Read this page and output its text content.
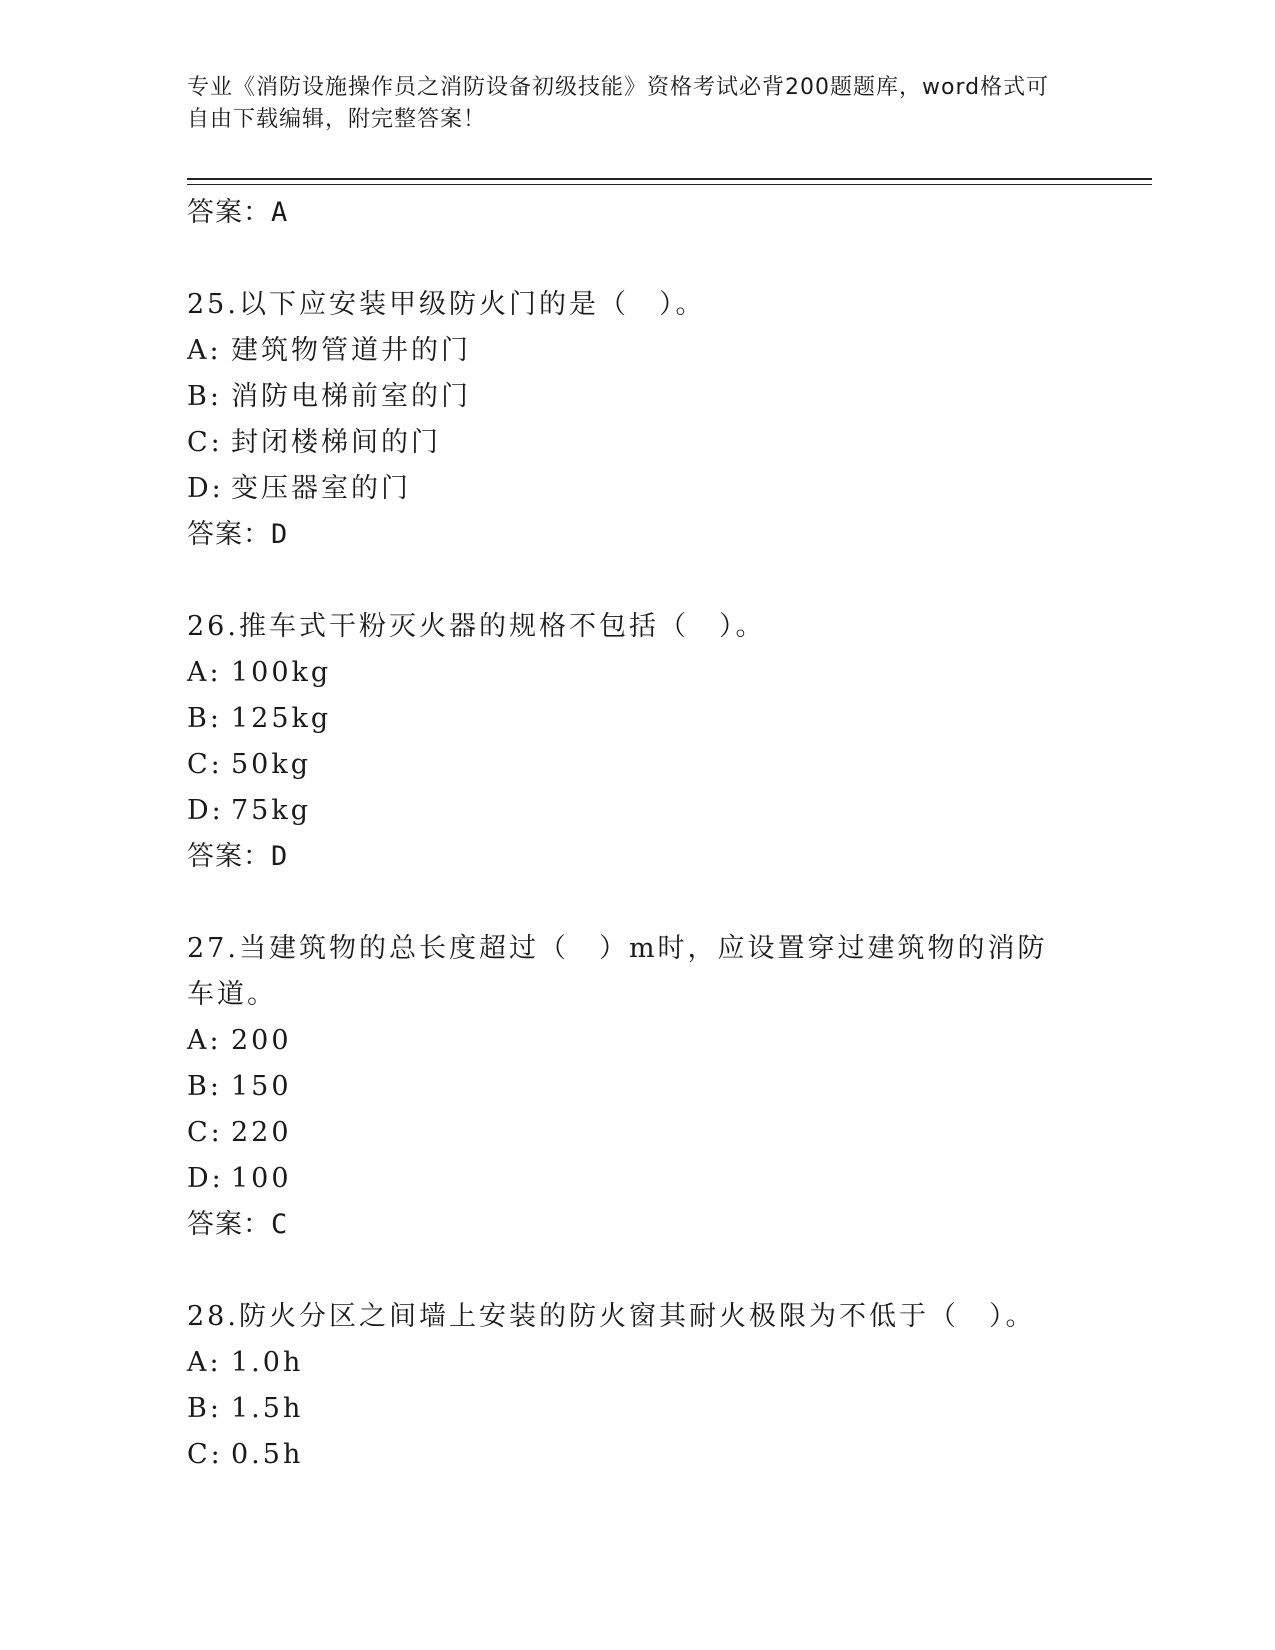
专业《消防设施操作员之消防设备初级技能》资格考试必背200题题库，word格式可自由下载编辑，附完整答案！
答案：A
25.以下应安装甲级防火门的是（　）。
A: 建筑物管道井的门
B: 消防电梯前室的门
C: 封闭楼梯间的门
D: 变压器室的门
答案：D
26.推车式干粉灭火器的规格不包括（　）。
A: 100kg
B: 125kg
C: 50kg
D: 75kg
答案：D
27.当建筑物的总长度超过（　）m时，应设置穿过建筑物的消防车道。
A: 200
B: 150
C: 220
D: 100
答案：C
28.防火分区之间墙上安装的防火窗其耐火极限为不低于（　）。
A: 1.0h
B: 1.5h
C: 0.5h
